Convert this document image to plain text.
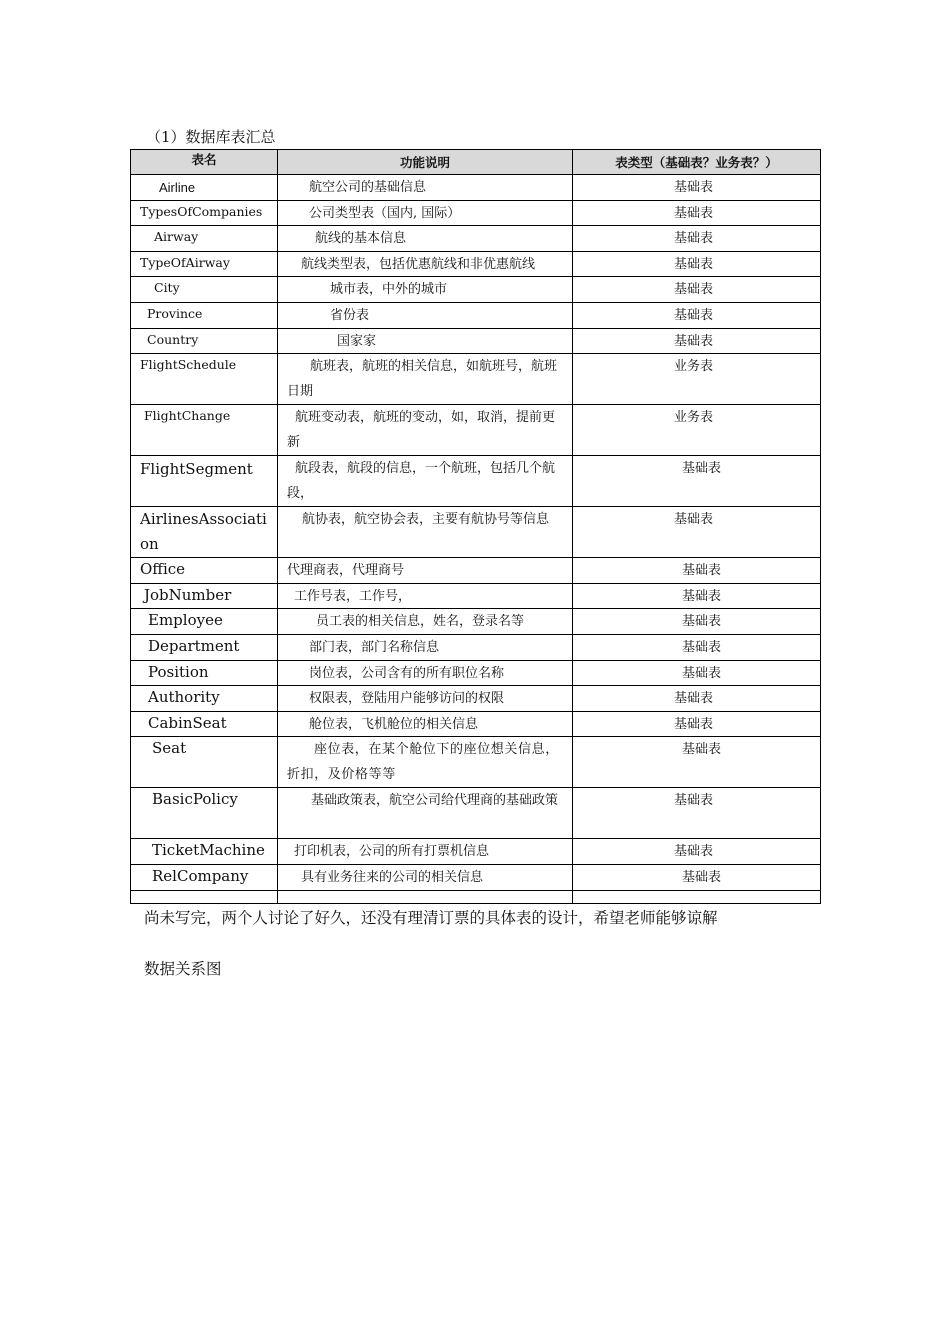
（1）数据库表汇总
表名	功能说明	表类型（基础表？业务表？）

Airline	航空公司的基础信息	基础表

TypesOfCompanies	公司类型表（国内, 国际）	基础表

Airway	航线的基本信息	基础表

TypeOfAirway	航线类型表，包括优惠航线和非优惠航线	基础表

City	城市表，中外的城市	基础表

Province	省份表	基础表

Country	国家家	基础表

FlightSchedule	航班表，航班的相关信息，如航班号，航班日期	业务表

FlightChange	航班变动表，航班的变动，如，取消，提前更新	业务表

FlightSegment	航段表，航段的信息，一个航班，包括几个航段，	基础表

AirlinesAssociation	航协表，航空协会表，主要有航协号等信息	基础表

Office	代理商表，代理商号	基础表

JobNumber	工作号表，工作号，	基础表

Employee	员工表的相关信息，姓名，登录名等	基础表

Department	部门表，部门名称信息	基础表

Position	岗位表，公司含有的所有职位名称	基础表

Authority	权限表，登陆用户能够访问的权限	基础表

CabinSeat	舱位表，飞机舱位的相关信息	基础表

Seat	座位表，在某个舱位下的座位想关信息，折扣，及价格等等	基础表

BasicPolicy	基础政策表，航空公司给代理商的基础政策	基础表

TicketMachine	打印机表，公司的所有打票机信息	基础表

RelCompany	具有业务往来的公司的相关信息	基础表

尚未写完，两个人讨论了好久，还没有理清订票的具体表的设计，希望老师能够谅解
数据关系图
